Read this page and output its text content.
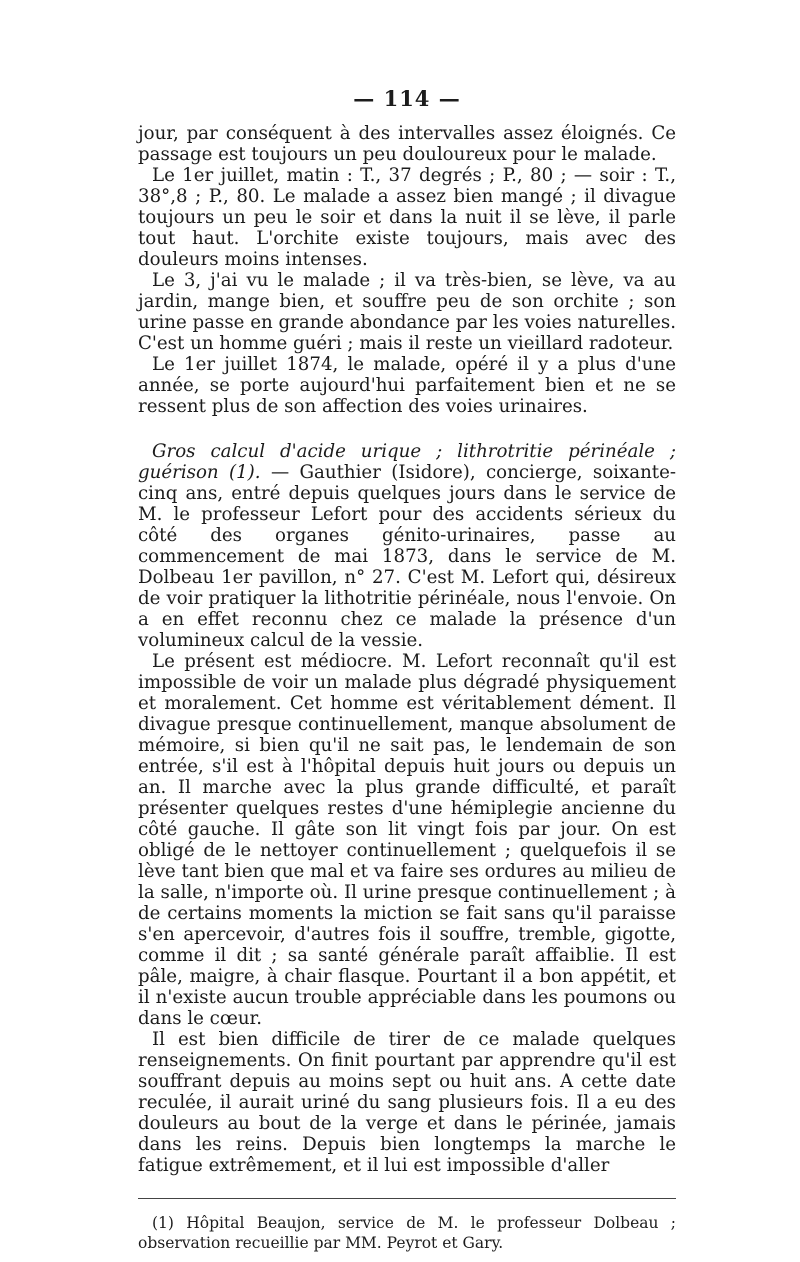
— 114 —

jour, par conséquent à des intervalles assez éloignés. Ce passage est toujours un peu douloureux pour le malade.

Le 1er juillet, matin : T., 37 degrés ; P., 80 ; — soir : T., 38°,8 ; P., 80. Le malade a assez bien mangé ; il divague toujours un peu le soir et dans la nuit il se lève, il parle tout haut. L'orchite existe toujours, mais avec des douleurs moins intenses.

Le 3, j'ai vu le malade ; il va très-bien, se lève, va au jardin, mange bien, et souffre peu de son orchite ; son urine passe en grande abondance par les voies naturelles. C'est un homme guéri ; mais il reste un vieillard radoteur.

Le 1er juillet 1874, le malade, opéré il y a plus d'une année, se porte aujourd'hui parfaitement bien et ne se ressent plus de son affection des voies urinaires.

Gros calcul d'acide urique ; lithrotritie périnéale ; guérison (1). — Gauthier (Isidore), concierge, soixante-cinq ans, entré depuis quelques jours dans le service de M. le professeur Lefort pour des accidents sérieux du côté des organes génito-urinaires, passe au commencement de mai 1873, dans le service de M. Dolbeau 1er pavillon, n° 27. C'est M. Lefort qui, désireux de voir pratiquer la lithotritie périnéale, nous l'envoie. On a en effet reconnu chez ce malade la présence d'un volumineux calcul de la vessie.

Le présent est médiocre. M. Lefort reconnaît qu'il est impossible de voir un malade plus dégradé physiquement et moralement. Cet homme est véritablement dément. Il divague presque continuellement, manque absolument de mémoire, si bien qu'il ne sait pas, le lendemain de son entrée, s'il est à l'hôpital depuis huit jours ou depuis un an. Il marche avec la plus grande difficulté, et paraît présenter quelques restes d'une hémiplegie ancienne du côté gauche. Il gâte son lit vingt fois par jour. On est obligé de le nettoyer continuellement ; quelquefois il se lève tant bien que mal et va faire ses ordures au milieu de la salle, n'importe où. Il urine presque continuellement ; à de certains moments la miction se fait sans qu'il paraisse s'en apercevoir, d'autres fois il souffre, tremble, gigotte, comme il dit ; sa santé générale paraît affaiblie. Il est pâle, maigre, à chair flasque. Pourtant il a bon appétit, et il n'existe aucun trouble appréciable dans les poumons ou dans le cœur.

Il est bien difficile de tirer de ce malade quelques renseignements. On finit pourtant par apprendre qu'il est souffrant depuis au moins sept ou huit ans. A cette date reculée, il aurait uriné du sang plusieurs fois. Il a eu des douleurs au bout de la verge et dans le périnée, jamais dans les reins. Depuis bien longtemps la marche le fatigue extrêmement, et il lui est impossible d'aller

(1) Hôpital Beaujon, service de M. le professeur Dolbeau ; observation recueillie par MM. Peyrot et Gary.
